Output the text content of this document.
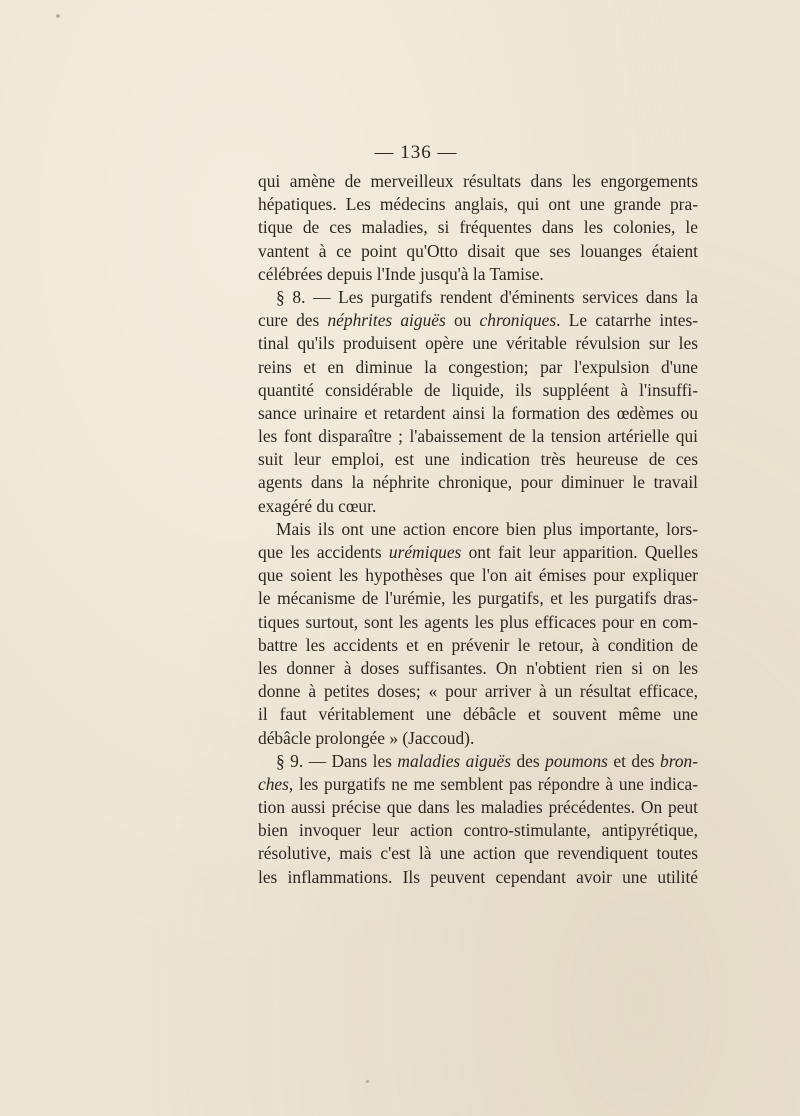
— 136 —
qui amène de merveilleux résultats dans les engorgements
hépatiques. Les médecins anglais, qui ont une grande pra-
tique de ces maladies, si fréquentes dans les colonies, le
vantent à ce point qu'Otto disait que ses louanges étaient
célébrées depuis l'Inde jusqu'à la Tamise.
§ 8. — Les purgatifs rendent d'éminents services dans la
cure des néphrites aiguës ou chroniques. Le catarrhe intes-
tinal qu'ils produisent opère une véritable révulsion sur les
reins et en diminue la congestion; par l'expulsion d'une
quantité considérable de liquide, ils suppléent à l'insuffi-
sance urinaire et retardent ainsi la formation des œdèmes ou
les font disparaître ; l'abaissement de la tension artérielle qui
suit leur emploi, est une indication très heureuse de ces
agents dans la néphrite chronique, pour diminuer le travail
exagéré du cœur.
Mais ils ont une action encore bien plus importante, lors-
que les accidents urémiques ont fait leur apparition. Quelles
que soient les hypothèses que l'on ait émises pour expliquer
le mécanisme de l'urémie, les purgatifs, et les purgatifs dras-
tiques surtout, sont les agents les plus efficaces pour en com-
battre les accidents et en prévenir le retour, à condition de
les donner à doses suffisantes. On n'obtient rien si on les
donne à petites doses; « pour arriver à un résultat efficace,
il faut véritablement une débâcle et souvent même une
débâcle prolongée » (Jaccoud).
§ 9. — Dans les maladies aiguës des poumons et des bron-
ches, les purgatifs ne me semblent pas répondre à une indica-
tion aussi précise que dans les maladies précédentes. On peut
bien invoquer leur action contro-stimulante, antipyrétique,
résolutive, mais c'est là une action que revendiquent toutes
les inflammations. Ils peuvent cependant avoir une utilité
